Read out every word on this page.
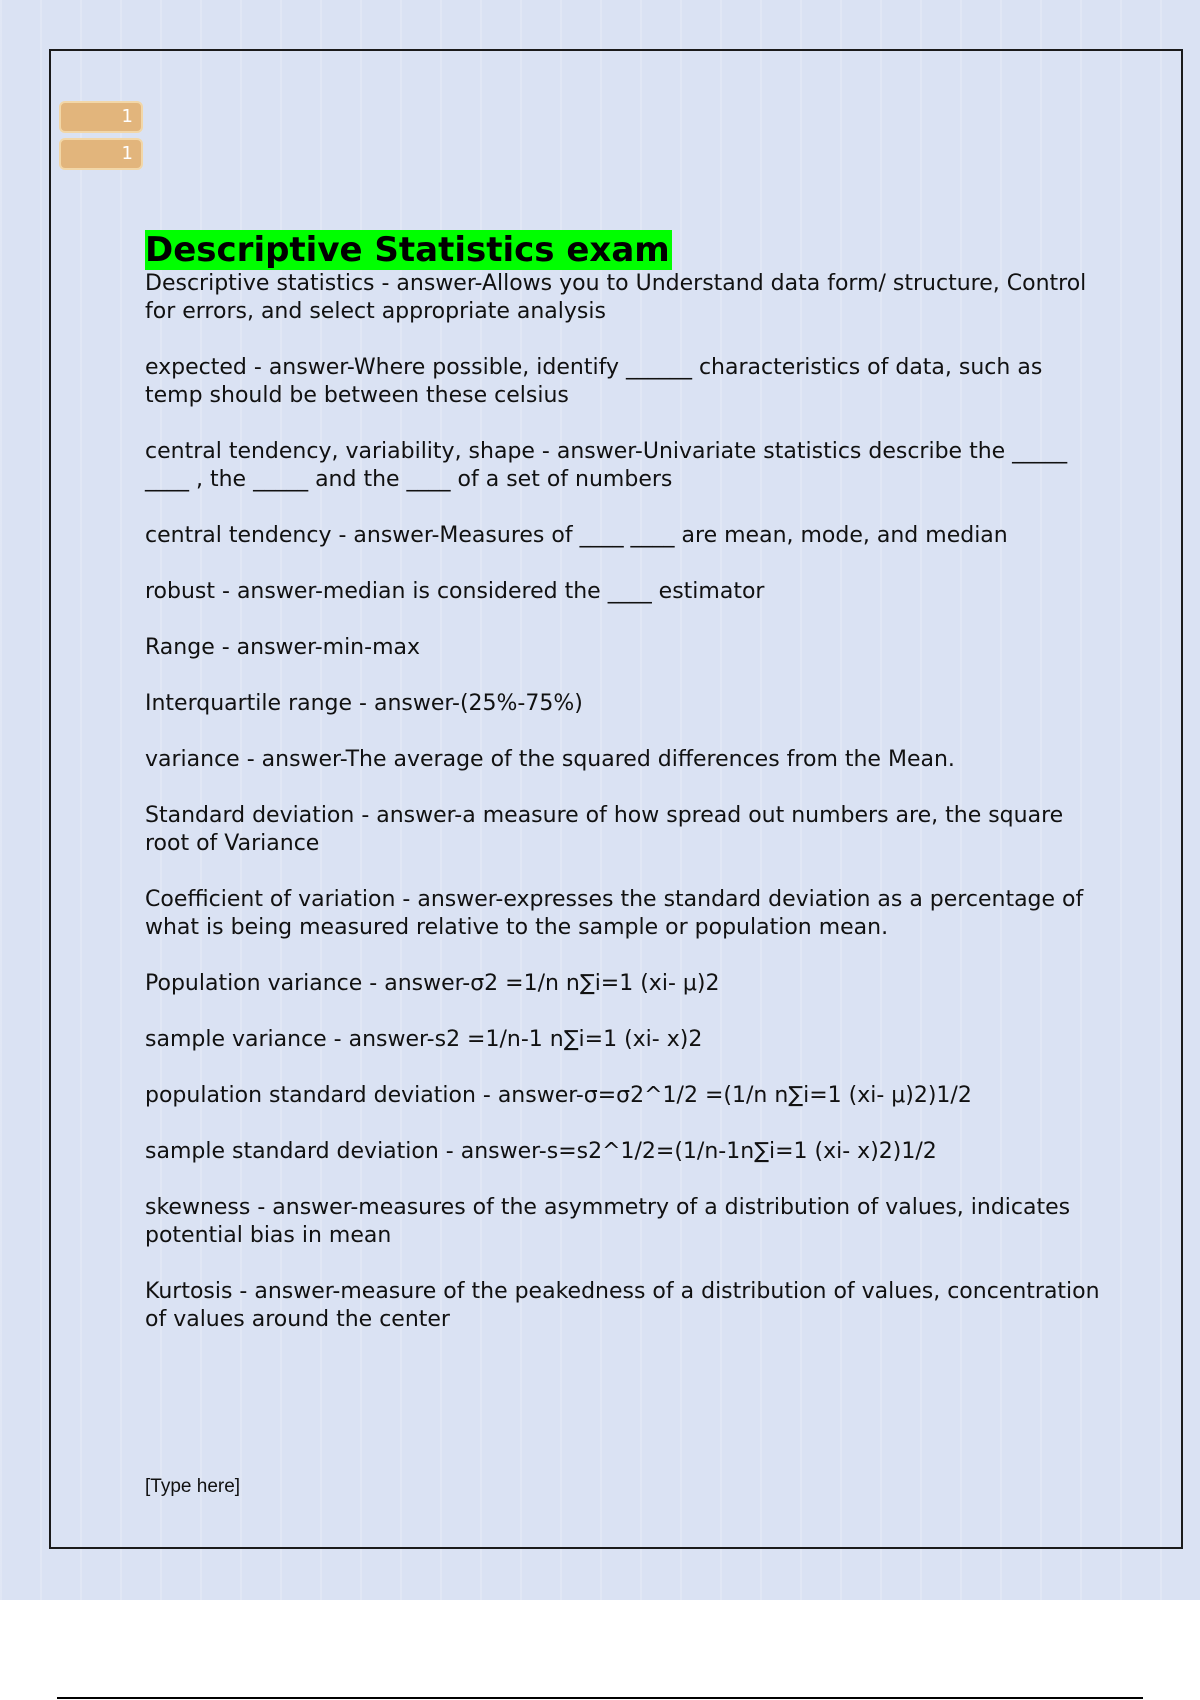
1
1
Descriptive Statistics exam
Descriptive statistics - answer-Allows you to Understand data form/ structure, Control for errors, and select appropriate analysis
expected - answer-Where possible, identify ______ characteristics of data, such as temp should be between these celsius
central tendency, variability, shape - answer-Univariate statistics describe the _____ ____ , the _____ and the ____ of a set of numbers
central tendency - answer-Measures of ____ ____ are mean, mode, and median
robust - answer-median is considered the ____ estimator
Range - answer-min-max
Interquartile range - answer-(25%-75%)
variance - answer-The average of the squared differences from the Mean.
Standard deviation - answer-a measure of how spread out numbers are, the square root of Variance
Coefficient of variation - answer-expresses the standard deviation as a percentage of what is being measured relative to the sample or population mean.
Population variance - answer-σ2 =1/n n∑i=1 (xi- μ)2
sample variance - answer-s2 =1/n-1 n∑i=1 (xi- x)2
population standard deviation - answer-σ=σ2^1/2 =(1/n n∑i=1 (xi- μ)2)1/2
sample standard deviation - answer-s=s2^1/2=(1/n-1n∑i=1 (xi- x)2)1/2
skewness - answer-measures of the asymmetry of a distribution of values, indicates potential bias in mean
Kurtosis - answer-measure of the peakedness of a distribution of values, concentration of values around the center
[Type here]
